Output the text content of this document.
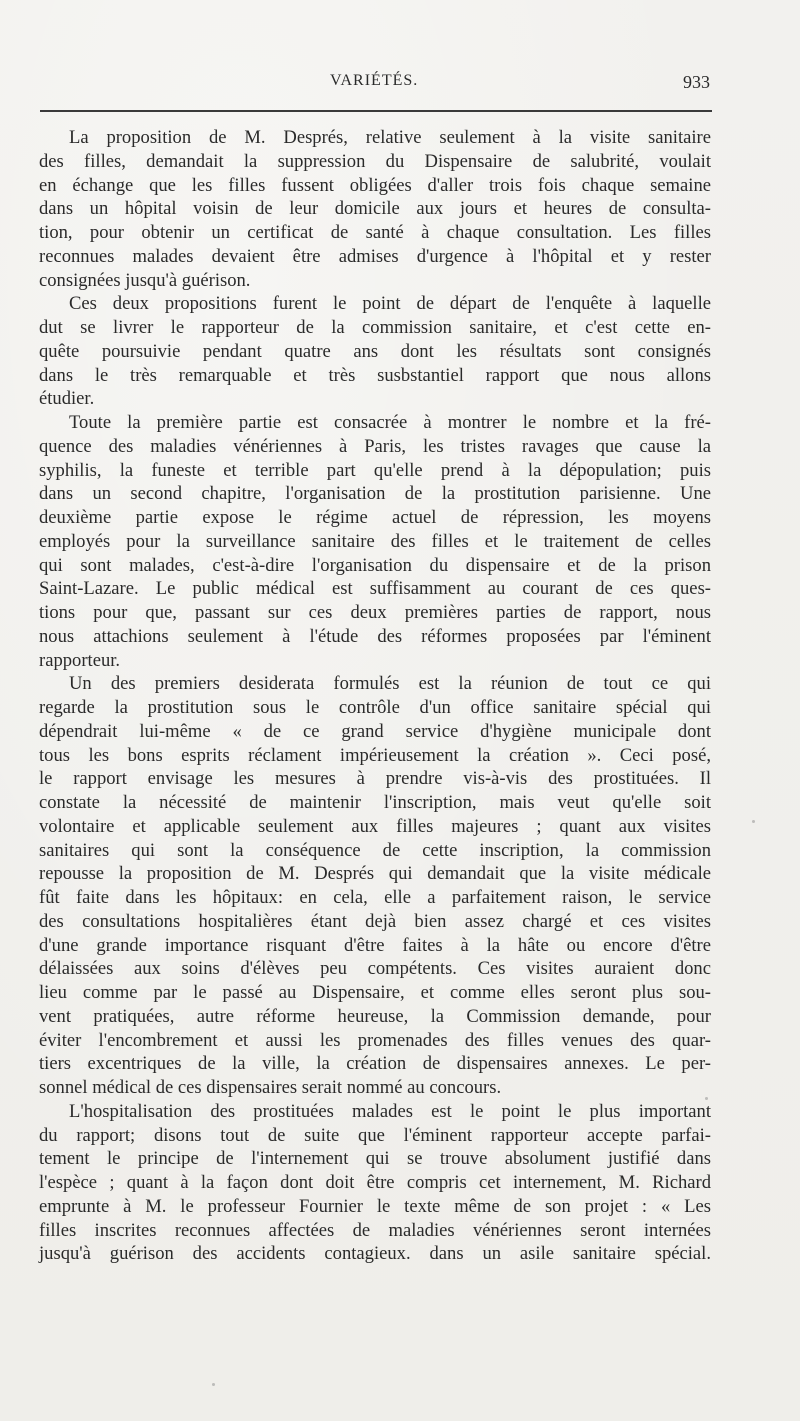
VARIÉTÉS.	933
La proposition de M. Després, relative seulement à la visite sanitaire
des filles, demandait la suppression du Dispensaire de salubrité, voulait
en échange que les filles fussent obligées d'aller trois fois chaque semaine
dans un hôpital voisin de leur domicile aux jours et heures de consulta-
tion, pour obtenir un certificat de santé à chaque consultation. Les filles
reconnues malades devaient être admises d'urgence à l'hôpital et y rester
consignées jusqu'à guérison.
Ces deux propositions furent le point de départ de l'enquête à laquelle
dut se livrer le rapporteur de la commission sanitaire, et c'est cette en-
quête poursuivie pendant quatre ans dont les résultats sont consignés
dans le très remarquable et très susbstantiel rapport que nous allons
étudier.
Toute la première partie est consacrée à montrer le nombre et la fré-
quence des maladies vénériennes à Paris, les tristes ravages que cause la
syphilis, la funeste et terrible part qu'elle prend à la dépopulation; puis
dans un second chapitre, l'organisation de la prostitution parisienne. Une
deuxième partie expose le régime actuel de répression, les moyens
employés pour la surveillance sanitaire des filles et le traitement de celles
qui sont malades, c'est-à-dire l'organisation du dispensaire et de la prison
Saint-Lazare. Le public médical est suffisamment au courant de ces ques-
tions pour que, passant sur ces deux premières parties de rapport, nous
nous attachions seulement à l'étude des réformes proposées par l'éminent
rapporteur.
Un des premiers desiderata formulés est la réunion de tout ce qui
regarde la prostitution sous le contrôle d'un office sanitaire spécial qui
dépendrait lui-même « de ce grand service d'hygiène municipale dont
tous les bons esprits réclament impérieusement la création ». Ceci posé,
le rapport envisage les mesures à prendre vis-à-vis des prostituées. Il
constate la nécessité de maintenir l'inscription, mais veut qu'elle soit
volontaire et applicable seulement aux filles majeures ; quant aux visites
sanitaires qui sont la conséquence de cette inscription, la commission
repousse la proposition de M. Després qui demandait que la visite médicale
fût faite dans les hôpitaux: en cela, elle a parfaitement raison, le service
des consultations hospitalières étant dejà bien assez chargé et ces visites
d'une grande importance risquant d'être faites à la hâte ou encore d'être
délaissées aux soins d'élèves peu compétents. Ces visites auraient donc
lieu comme par le passé au Dispensaire, et comme elles seront plus sou-
vent pratiquées, autre réforme heureuse, la Commission demande, pour
éviter l'encombrement et aussi les promenades des filles venues des quar-
tiers excentriques de la ville, la création de dispensaires annexes. Le per-
sonnel médical de ces dispensaires serait nommé au concours.
L'hospitalisation des prostituées malades est le point le plus important
du rapport; disons tout de suite que l'éminent rapporteur accepte parfai-
tement le principe de l'internement qui se trouve absolument justifié dans
l'espèce ; quant à la façon dont doit être compris cet internement, M. Richard
emprunte à M. le professeur Fournier le texte même de son projet : « Les
filles inscrites reconnues affectées de maladies vénériennes seront internées
jusqu'à guérison des accidents contagieux. dans un asile sanitaire spécial.
